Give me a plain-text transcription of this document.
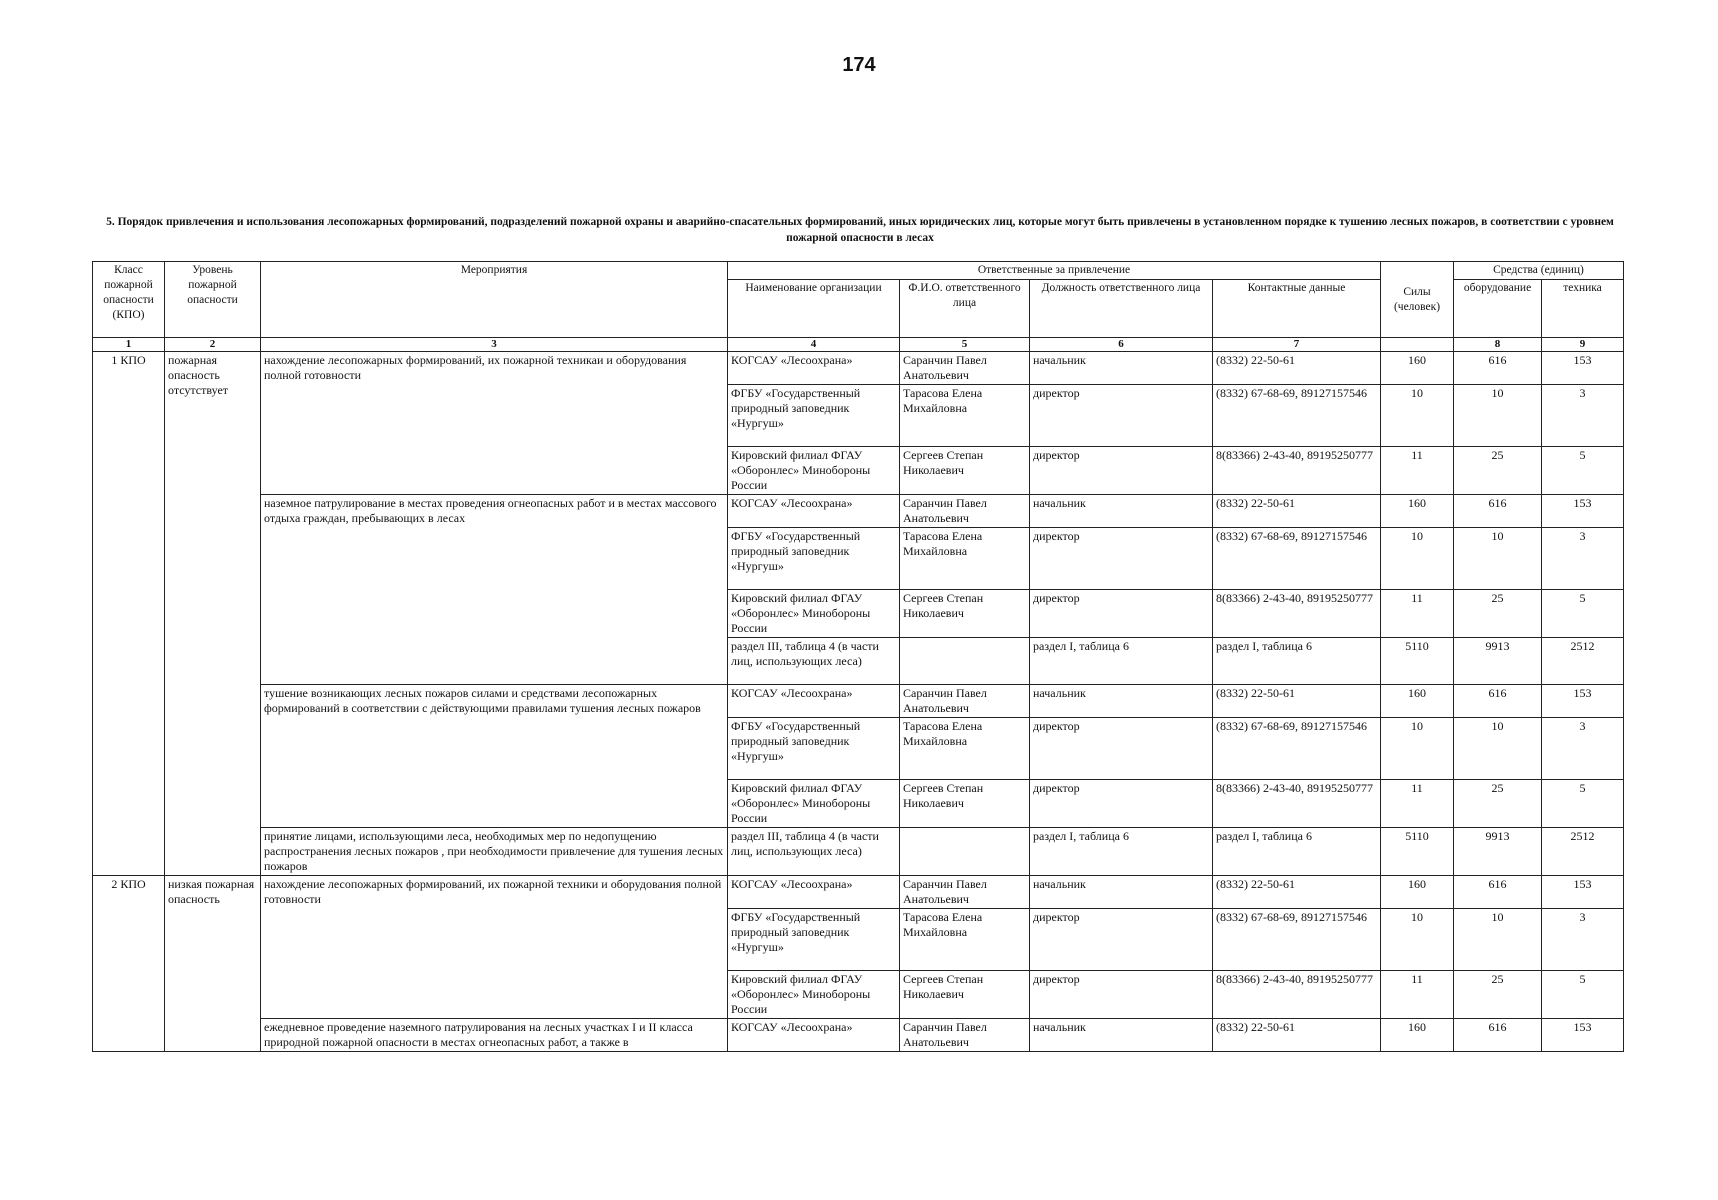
174
5. Порядок привлечения и использования лесопожарных формирований, подразделений пожарной охраны и аварийно-спасательных формирований, иных юридических лиц, которые могут быть привлечены в установленном порядке к тушению лесных пожаров, в соответствии с уровнем пожарной опасности в лесах
Класс пожарной опасности (КПО)	Уровень пожарной опасности	Мероприятия	Ответственные за привлечение				Силы (человек)	Средства (единиц)	
			Наименование организации	Ф.И.О. ответственного лица	Должность ответственного лица	Контактные данные		оборудование	техника
1	2	3	4	5	6	7		8	9
1 КПО	пожарная опасность отсутствует	нахождение лесопожарных формирований, их пожарной техникаи и оборудования полной готовности	КОГСАУ «Лесоохрана»	Саранчин Павел Анатольевич	начальник	(8332) 22-50-61	160	616	153
			ФГБУ «Государственный природный заповедник «Нургуш»	Тарасова Елена Михайловна	директор	(8332) 67-68-69, 89127157546	10	10	3
			Кировский филиал ФГАУ «Оборонлес» Минобороны России	Сергеев Степан Николаевич	директор	8(83366) 2-43-40, 89195250777	11	25	5
		наземное патрулирование в местах проведения огнеопасных работ и в местах массового отдыха граждан, пребывающих в лесах	КОГСАУ «Лесоохрана»	Саранчин Павел Анатольевич	начальник	(8332) 22-50-61	160	616	153
			ФГБУ «Государственный природный заповедник «Нургуш»	Тарасова Елена Михайловна	директор	(8332) 67-68-69, 89127157546	10	10	3
			Кировский филиал ФГАУ «Оборонлес» Минобороны России	Сергеев Степан Николаевич	директор	8(83366) 2-43-40, 89195250777	11	25	5
			раздел III, таблица 4 (в части лиц, использующих леса)		раздел I, таблица 6	раздел I, таблица 6	5110	9913	2512
		тушение возникающих лесных пожаров силами и средствами лесопожарных формирований в соответствии с действующими правилами тушения лесных пожаров	КОГСАУ «Лесоохрана»	Саранчин Павел Анатольевич	начальник	(8332) 22-50-61	160	616	153
			ФГБУ «Государственный природный заповедник «Нургуш»	Тарасова Елена Михайловна	директор	(8332) 67-68-69, 89127157546	10	10	3
			Кировский филиал ФГАУ «Оборонлес» Минобороны России	Сергеев Степан Николаевич	директор	8(83366) 2-43-40, 89195250777	11	25	5
		принятие лицами, использующими леса, необходимых мер по недопущению распространения лесных пожаров , при необходимости привлечение для тушения лесных пожаров	раздел III, таблица 4 (в части лиц, использующих леса)		раздел I, таблица 6	раздел I, таблица 6	5110	9913	2512
2 КПО	низкая пожарная опасность	нахождение лесопожарных формирований, их пожарной техники и оборудования полной готовности	КОГСАУ «Лесоохрана»	Саранчин Павел Анатольевич	начальник	(8332) 22-50-61	160	616	153
			ФГБУ «Государственный природный заповедник «Нургуш»	Тарасова Елена Михайловна	директор	(8332) 67-68-69, 89127157546	10	10	3
			Кировский филиал ФГАУ «Оборонлес» Минобороны России	Сергеев Степан Николаевич	директор	8(83366) 2-43-40, 89195250777	11	25	5
		ежедневное проведение наземного патрулирования на лесных участках I и II класса природной пожарной опасности в местах огнеопасных работ, а также в	КОГСАУ «Лесоохрана»	Саранчин Павел Анатольевич	начальник	(8332) 22-50-61	160	616	153
